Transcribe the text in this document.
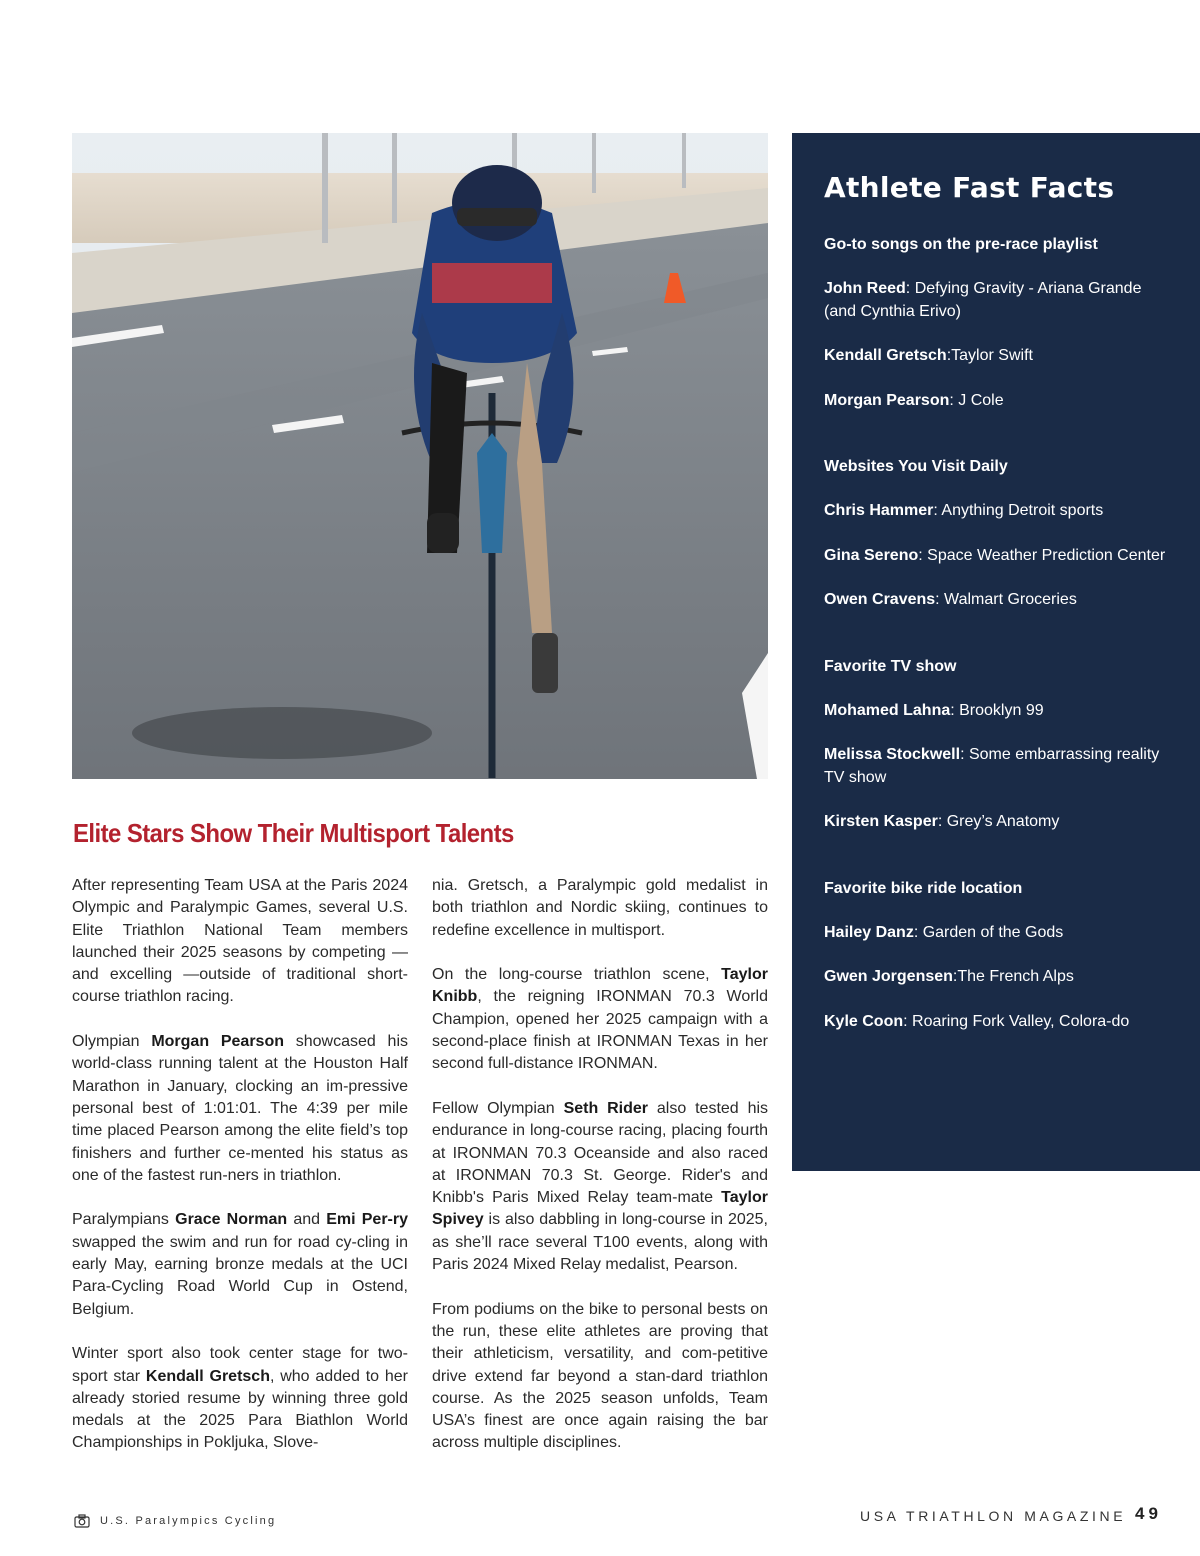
Athlete Fast Facts
Go-to songs on the pre-race playlist
John Reed: Defying Gravity - Ariana Grande (and Cynthia Erivo)
Kendall Gretsch:Taylor Swift
Morgan Pearson: J Cole
Websites You Visit Daily
Chris Hammer: Anything Detroit sports
Gina Sereno: Space Weather Prediction Center
Owen Cravens: Walmart Groceries
Favorite TV show
Mohamed Lahna: Brooklyn 99
Melissa Stockwell: Some embarrassing reality TV show
Kirsten Kasper: Grey’s Anatomy
Favorite bike ride location
Hailey Danz: Garden of the Gods
Gwen Jorgensen:The French Alps
Kyle Coon: Roaring Fork Valley, Colora-do
Elite Stars Show Their Multisport Talents

After representing Team USA at the Paris 2024 Olympic and Paralympic Games, several U.S. Elite Triathlon National Team members launched their 2025 seasons by competing —and excelling —outside of traditional short-course triathlon racing.

Olympian Morgan Pearson showcased his world-class running talent at the Houston Half Marathon in January, clocking an im-pressive personal best of 1:01:01. The 4:39 per mile time placed Pearson among the elite field’s top finishers and further ce-mented his status as one of the fastest run-ners in triathlon.

Paralympians Grace Norman and Emi Per-ry swapped the swim and run for road cy-cling in early May, earning bronze medals at the UCI Para-Cycling Road World Cup in Ostend, Belgium.

Winter sport also took center stage for two-sport star Kendall Gretsch, who added to her already storied resume by winning three gold medals at the 2025 Para Biathlon World Championships in Pokljuka, Slove-

nia. Gretsch, a Paralympic gold medalist in both triathlon and Nordic skiing, continues to redefine excellence in multisport.

On the long-course triathlon scene, Taylor Knibb, the reigning IRONMAN 70.3 World Champion, opened her 2025 campaign with a second-place finish at IRONMAN Texas in her second full-distance IRONMAN.

Fellow Olympian Seth Rider also tested his endurance in long-course racing, placing fourth at IRONMAN 70.3 Oceanside and also raced at IRONMAN 70.3 St. George. Rider's and Knibb's Paris Mixed Relay team-mate Taylor Spivey is also dabbling in long-course in 2025, as she’ll race several T100 events, along with Paris 2024 Mixed Relay medalist, Pearson.

From podiums on the bike to personal bests on the run, these elite athletes are proving that their athleticism, versatility, and com-petitive drive extend far beyond a stan-dard triathlon course. As the 2025 season unfolds, Team USA’s finest are once again raising the bar across multiple disciplines.

U.S. Paralympics Cycling	USA TRIATHLON MAGAZINE 49
